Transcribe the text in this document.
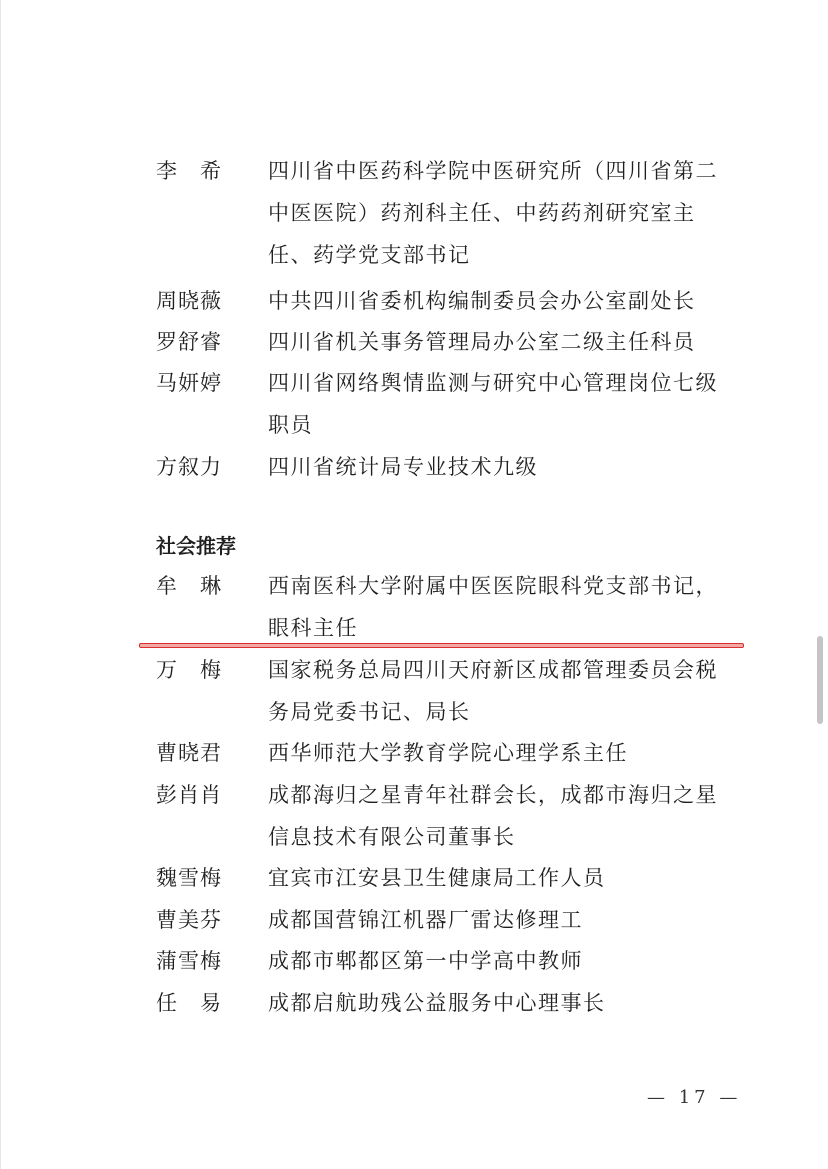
李　希	四川省中医药科学院中医研究所（四川省第二中医医院）药剂科主任、中药药剂研究室主任、药学党支部书记
周晓薇	中共四川省委机构编制委员会办公室副处长
罗舒睿	四川省机关事务管理局办公室二级主任科员
马妍婷	四川省网络舆情监测与研究中心管理岗位七级职员
方叙力	四川省统计局专业技术九级
社会推荐
牟　琳	西南医科大学附属中医医院眼科党支部书记，眼科主任
万　梅	国家税务总局四川天府新区成都管理委员会税务局党委书记、局长
曹晓君	西华师范大学教育学院心理学系主任
彭肖肖	成都海归之星青年社群会长，成都市海归之星信息技术有限公司董事长
魏雪梅	宜宾市江安县卫生健康局工作人员
曹美芬	成都国营锦江机器厂雷达修理工
蒲雪梅	成都市郫都区第一中学高中教师
任　易	成都启航助残公益服务中心理事长
— 17 —
